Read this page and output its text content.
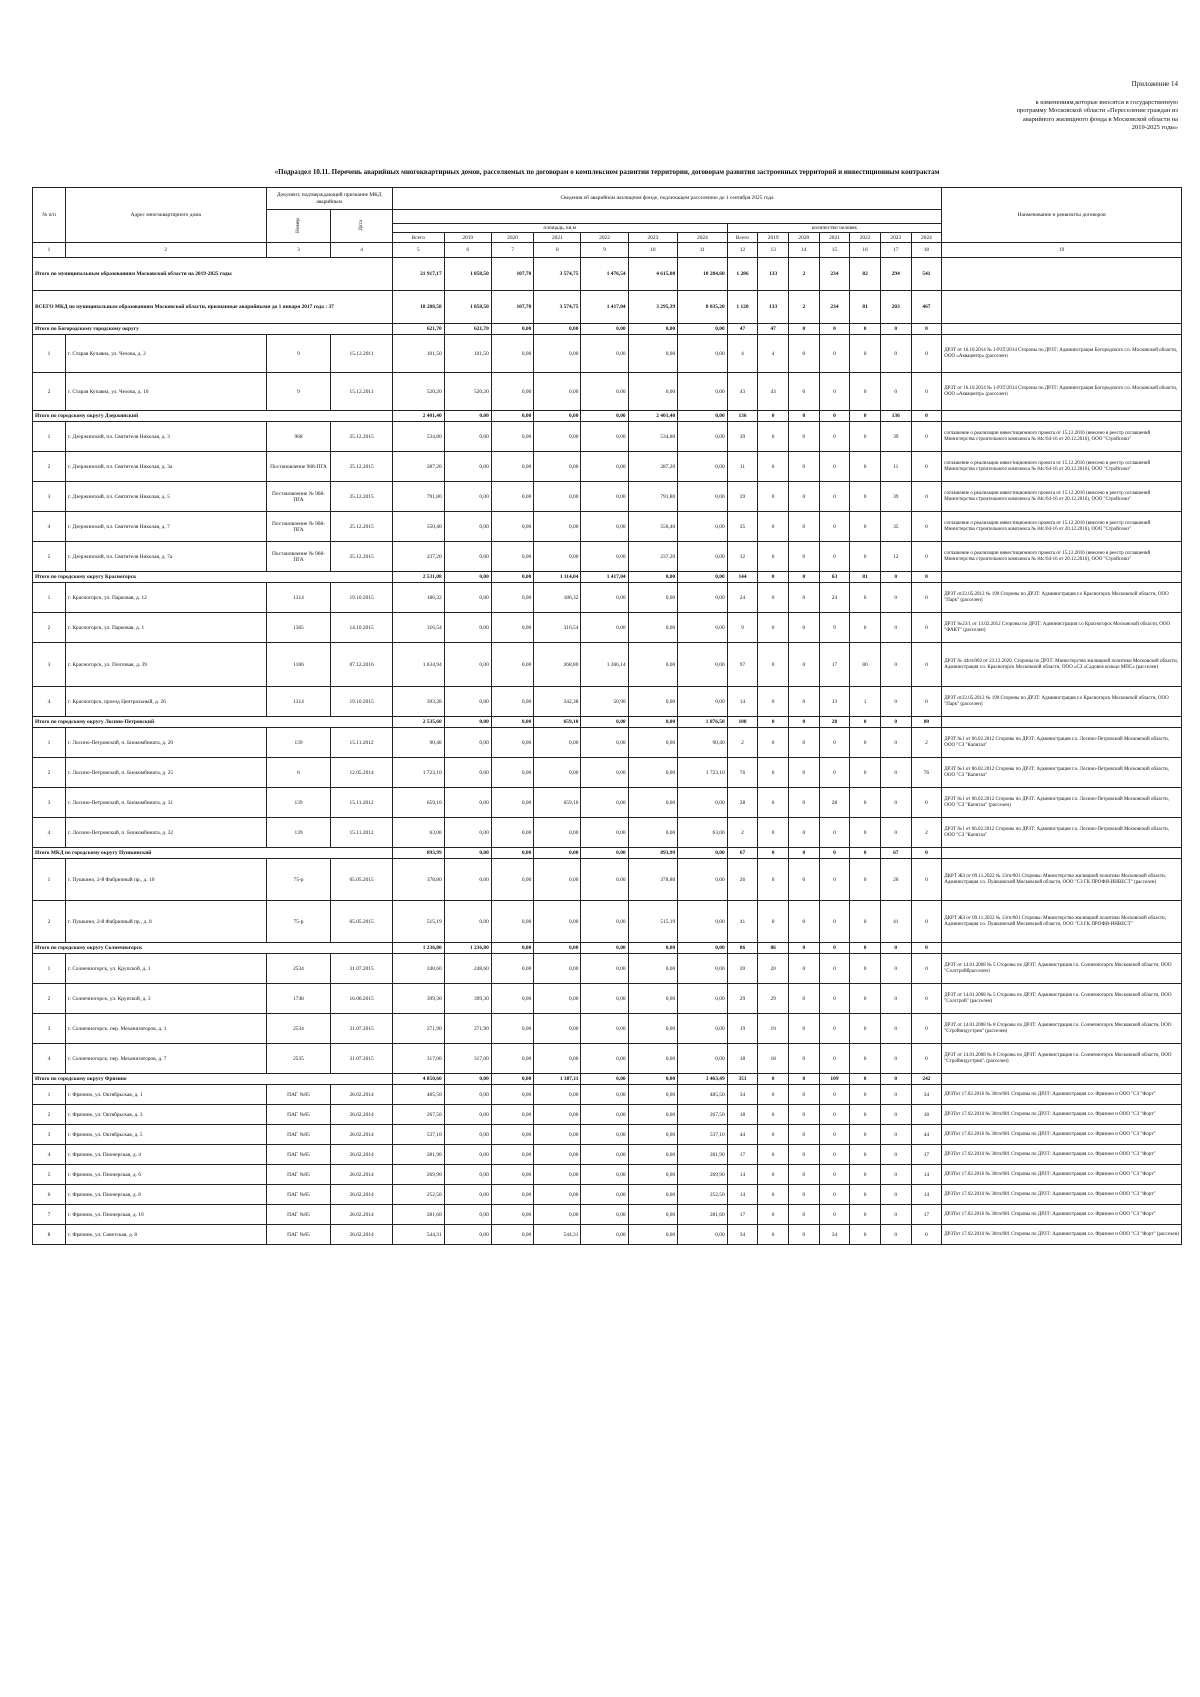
Приложение 14
к изменениям,которые вносятся в государственную
программу Московской области «Переселение граждан из
аварийного жилищного фонда в Московской области на
2019-2025 годы»
«Подраздел 10.11. Перечень аварийных многоквартирных домов, расселяемых по договорам о комплексном развитии территории, договорам развития застроенных территорий и инвестиционным контрактам
№ п/п	Адрес многоквартирного дома	Документ, подтверждающий признание МКД аварийным		Сведения об аварийном жилищном фонде, подлежащем расселению до 1 сентября 2025 года														Наименование и реквизиты договоров
		Номер	Дата															
				площадь, кв.м							количество человек							
				Всего	2019	2020	2021	2022	2023	2024	Всего	2019	2020	2021	2022	2023	2024	
1	2	3	4	5	6	7	8	9	10	11	12	13	14	15	16	17	18	19
Итого по муниципальным образованиям Московской области на 2019-2025 годы				21 917,17	1 858,50	107,70	3 574,75	1 476,54	4 615,08	10 284,60	1 286	133	2	234	82	294	541	
ВСЕГО МКД по муниципальным образованиям Московской области, признанные аварийными до 1 января 2017 года : 37				18 288,58	1 858,50	107,70	3 574,75	1 417,04	3 295,39	8 035,20	1 120	133	2	234	81	203	467	
Итого по Богородскому городскому округу				621,70	621,70	0,00	0,00	0,00	0,00	0,00	47	47	0	0	0	0	0	
1	г. Старая Купавна, ул. Чехова, д. 2	9	15.12.2011	101,50	101,50	0,00	0,00	0,00	0,00	0,00	4	4	0	0	0	0	0	ДРЗТ от 16.10.2014 № 1-РЗТ/2014 Стороны по ДРЗТ: Администрация Богородского г.о. Московской области, ООО «Аквацентр» (расселен)
2	г. Старая Купавна, ул. Чехова, д. 10	9	15.12.2011	520,20	520,20	0,00	0,00	0,00	0,00	0,00	43	43	0	0	0	0	0	ДРЗТ от 16.10.2014 № 1-РЗТ/2014 Стороны по ДРЗТ: Администрация Богородского г.о. Московской области, ООО «Аквацентр» (расселен)
Итого по городскому округу Дзержинский				2 401,40	0,00	0,00	0,00	0,00	2 401,40	0,00	136	0	0	0	0	136	0	
1	г. Дзержинский, пл. Святителя Николая, д. 3	968	25.12.2015	534,80	0,00	0,00	0,00	0,00	534,80	0,00	39	0	0	0	0	39	0	соглашение о реализации инвестиционного проекта от 15.12.2016 (внесено в реестр соглашений Министерства строительного комплекса № 84с/64-16 от 20.12.2016), ООО "Стройсоюз"
2	г. Дзержинский, пл. Святителя Николая, д. 3а	Постановление 968-ПГА	25.12.2015	287,20	0,00	0,00	0,00	0,00	287,20	0,00	11	0	0	0	0	11	0	соглашение о реализации инвестиционного проекта от 15.12.2016 (внесено в реестр соглашений Министерства строительного комплекса № 84с/64-16 от 20.12.2016), ООО "Стройсоюз"
3	г. Дзержинский, пл. Святителя Николая, д. 5	Постановление № 968-ПГА	25.12.2015	791,80	0,00	0,00	0,00	0,00	791,80	0,00	39	0	0	0	0	39	0	соглашение о реализации инвестиционного проекта от 15.12.2016 (внесено в реестр соглашений Министерства строительного комплекса № 84с/64-16 от 20.12.2016), ООО "Стройсоюз"
4	г. Дзержинский, пл. Святителя Николая, д. 7	Постановление № 968-ПГА	25.12.2015	550,40	0,00	0,00	0,00	0,00	550,40	0,00	35	0	0	0	0	35	0	соглашение о реализации инвестиционного проекта от 15.12.2016 (внесено в реестр соглашений Министерства строительного комплекса № 84с/64-16 от 20.12.2016), ООО "Стройсоюз"
5	г. Дзержинский, пл. Святителя Николая, д. 7а	Постановление № 968-ПГА	25.12.2015	237,20	0,00	0,00	0,00	0,00	237,20	0,00	12	0	0	0	0	12	0	соглашение о реализации инвестиционного проекта от 15.12.2016 (внесено в реестр соглашений Министерства строительного комплекса № 84с/64-16 от 20.12.2016), ООО "Стройсоюз"
Итого по городскому округу Красногорск				2 531,08	0,00	0,00	1 114,04	1 417,04	0,00	0,00	144	0	0	63	81	0	0	
1	г. Красногорск, ул. Парковая, д. 12	1314	19.10.2015	186,32	0,00	0,00	186,32	0,00	0,00	0,00	24	0	0	24	0	0	0	ДРЗТ от22.05.2012 № 190 Стороны по ДРЗТ: Администрация г.о Красногорск Московской области, ООО "Парк" (расселен)
2	г. Красногорск, ул. Парковая, д. 1	1305	14.10.2015	316,54	0,00	0,00	316,54	0,00	0,00	0,00	9	0	0	9	0	0	0	ДРЗТ №23/1 от 13.02.2012 Стороны по ДРЗТ: Администрация г.о Красногорск Московской области, ООО "ФАКТ" (расселен)
3	г. Красногорск, ул. Почтовая, д. 39	1186	07.12.2016	1 634,94	0,00	0,00	268,80	1 366,14	0,00	0,00	97	0	0	17	80	0	0	ДРЗТ № 44гп/002 от 23.12.2020. Стороны по ДРЗТ: Министерство жилищной политики Московской области, Администрация г.о. Красногорск Московской области, ООО «СЗ «Садовое кольцо МПС» (расселен)
4	г. Красногорск, проезд Центральный, д. 26	1314	19.10.2015	393,28	0,00	0,00	342,38	50,90	0,00	0,00	14	0	0	13	1	0	0	ДРЗТ от22.05.2012 № 190 Стороны по ДРЗТ: Администрация г.о Красногорск Московской области, ООО "Парк" (расселен)
Итого по городскому округу Лосино-Петровский				2 535,60	0,00	0,00	659,10	0,00	0,00	1 876,50	108	0	0	28	0	0	80	
1	г. Лосино-Петровский, п. Биокомбината, д. 20	139	15.11.2012	90,40	0,00	0,00	0,00	0,00	0,00	90,40	2	0	0	0	0	0	2	ДРЗТ №1 от 06.02.2012 Стороны по ДРЗТ: Администрация г.о. Лосино-Петровский Московской области, ООО "СЗ "Капитал"
2	г. Лосино-Петровский, п. Биокомбината, д. 25	6	12.05.2014	1 723,10	0,00	0,00	0,00	0,00	0,00	1 723,10	76	0	0	0	0	0	76	ДРЗТ №1 от 06.02.2012 Стороны по ДРЗТ: Администрация г.о. Лосино-Петровский Московской области, ООО "СЗ "Капитал"
3	г. Лосино-Петровский, п. Биокомбината, д. 31	139	15.11.2012	659,10	0,00	0,00	659,10	0,00	0,00	0,00	28	0	0	28	0	0	0	ДРЗТ №1 от 06.02.2012 Стороны по ДРЗТ: Администрация г.о. Лосино-Петровский Московской области, ООО "СЗ "Капитал" (расселен)
4	г. Лосино-Петровский, п. Биокомбината, д. 32	139	15.11.2012	63,00	0,00	0,00	0,00	0,00	0,00	63,00	2	0	0	0	0	0	2	ДРЗТ №1 от 06.02.2012 Стороны по ДРЗТ: Администрация г.о. Лосино-Петровский Московской области, ООО "СЗ "Капитал"
Итого МКД по городскому округу Пушкинский				893,99	0,00	0,00	0,00	0,00	893,99	0,00	67	0	0	0	0	67	0	
1	г. Пушкино, 2-й Фабричный пр., д. 10	75-р	05.05.2015	378,80	0,00	0,00	0,00	0,00	378,80	0,00	26	0	0	0	0	26	0	ДКРТ ЖЗ от 09.11.2022 № 13гп/001 Стороны: Министерство жилищной политики Московской области, Администрация г.о. Пушкинский Московской области, ООО "СЗ ГК ПРОФИ-ИНВЕСТ" (расселен)
2	г. Пушкино, 2-й Фабричный пр., д. 8	75-р	05.05.2015	515,19	0,00	0,00	0,00	0,00	515,19	0,00	41	0	0	0	0	41	0	ДКРТ ЖЗ от 09.11.2022 № 13гп/001 Стороны: Министерство жилищной политики Московской области, Администрация г.о. Пушкинский Московской области, ООО "СЗ ГК ПРОФИ-ИНВЕСТ"
Итого по городскому округу Солнечногорск				1 236,80	1 236,80	0,00	0,00	0,00	0,00	0,00	86	86	0	0	0	0	0	
1	г. Солнечногорск, ул. Крупской, д. 1	2534	31.07.2015	248,60	248,60	0,00	0,00	0,00	0,00	0,00	20	20	0	0	0	0	0	ДРЗТ от 14.01.2008 № 5 Стороны по ДРЗТ: Администрация г.о. Солнечногорск Московской области, ООО "Солстройбрасселен)
2	г. Солнечногорск, ул. Крупской, д. 3	1748	16.06.2015	399,30	399,30	0,00	0,00	0,00	0,00	0,00	29	29	0	0	0	0	0	ДРЗТ от 14.01.2008 № 5 Стороны по ДРЗТ: Администрация г.о. Солнечногорск Московской области, ООО "Солстрой" (расселен)
3	г. Солнечногорск, пер. Механизаторов, д. 1	2534	31.07.2015	271,90	271,90	0,00	0,00	0,00	0,00	0,00	19	19	0	0	0	0	0	ДРЗТ от 14.01.2008 № 8 Стороны по ДРЗТ: Администрация г.о. Солнечногорск Московской области, ООО "Стройиндустрия" (расселен)
4	г. Солнечногорск, пер. Механизаторов, д. 7	2535	31.07.2015	317,00	317,00	0,00	0,00	0,00	0,00	0,00	18	18	0	0	0	0	0	ДРЗТ от 14.01.2008 № 8 Стороны по ДРЗТ: Администрация г.о. Солнечногорск Московской области, ООО "Стройиндустрия". (расселен)
Итого по городскому округу Фрязино				4 850,60	0,00	0,00	1 387,11	0,00	0,00	3 463,49	351	0	0	109	0	0	242	
1	г. Фрязино, ул. Октябрьская, д. 1	ПАГ №95	26.02.2014	485,50	0,00	0,00	0,00	0,00	0,00	485,50	34	0	0	0	0	0	34	ДРЗТот 17.02.2016 № 30гп/001 Стороны по ДРЗТ: Администрация г.о. Фрязино и ООО "СЗ "Форт"
2	г. Фрязино, ул. Октябрьская, д. 3	ПАГ №95	26.02.2014	267,50	0,00	0,00	0,00	0,00	0,00	267,50	18	0	0	0	0	0	18	ДРЗТот 17.02.2016 № 30гп/001 Стороны по ДРЗТ: Администрация г.о. Фрязино и ООО "СЗ "Форт"
3	г. Фрязино, ул. Октябрьская, д. 5	ПАГ №95	26.02.2014	537,10	0,00	0,00	0,00	0,00	0,00	537,10	44	0	0	0	0	0	44	ДРЗТот 17.02.2016 № 30гп/001 Стороны по ДРЗТ: Администрация г.о. Фрязино и ООО "СЗ "Форт"
4	г. Фрязино, ул. Пионерская, д. 4	ПАГ №95	26.02.2014	281,90	0,00	0,00	0,00	0,00	0,00	281,90	17	0	0	0	0	0	17	ДРЗТот 17.02.2016 № 30гп/001 Стороны по ДРЗТ: Администрация г.о. Фрязино и ООО "СЗ "Форт"
5	г. Фрязино, ул. Пионерская, д. 6	ПАГ №95	26.02.2014	269,90	0,00	0,00	0,00	0,00	0,00	269,90	14	0	0	0	0	0	14	ДРЗТот 17.02.2016 № 30гп/001 Стороны по ДРЗТ: Администрация г.о. Фрязино и ООО "СЗ "Форт"
6	г. Фрязино, ул. Пионерская, д. 8	ПАГ №95	26.02.2014	252,50	0,00	0,00	0,00	0,00	0,00	252,50	14	0	0	0	0	0	14	ДРЗТот 17.02.2016 № 30гп/001 Стороны по ДРЗТ: Администрация г.о. Фрязино и ООО "СЗ "Форт"
7	г. Фрязино, ул. Пионерская, д. 10	ПАГ №95	26.02.2014	281,60	0,00	0,00	0,00	0,00	0,00	281,60	17	0	0	0	0	0	17	ДРЗТот 17.02.2016 № 30гп/001 Стороны по ДРЗТ: Администрация г.о. Фрязино и ООО "СЗ "Форт"
8	г. Фрязино, ул. Советская, д. 8	ПАГ №95	26.02.2014	544,31	0,00	0,00	544,31	0,00	0,00	0,00	34	0	0	34	0	0	0	ДРЗТот 17.02.2016 № 30гп/001 Стороны по ДРЗТ: Администрация г.о. Фрязино и ООО "СЗ "Форт" (расселен)
